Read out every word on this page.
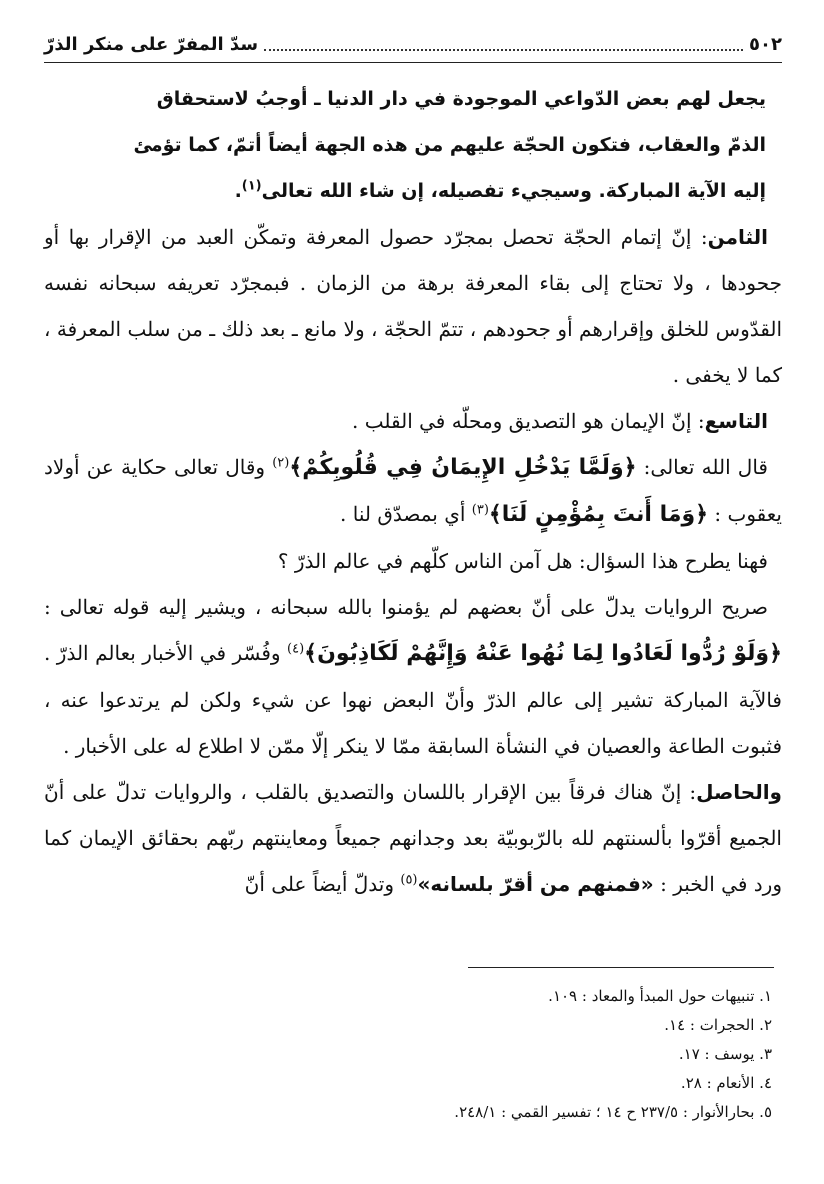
٥٠٢
سدّ المفرّ على منكر الذرّ
يجعل لهم بعض الدّواعي الموجودة في دار الدنيا ـ أوجبُ لاستحقاق
الذمّ والعقاب، فتكون الحجّة عليهم من هذه الجهة أيضاً أتمّ، كما تؤمئ
إليه الآية المباركة. وسيجيء تفصيله، إن شاء الله تعالى$^{(١)}$.

الثامن: إنّ إتمام الحجّة تحصل بمجرّد حصول المعرفة وتمكّن العبد من الإقرار بها أو جحودها ، ولا تحتاج إلى بقاء المعرفة برهة من الزمان . فبمجرّد تعريفه سبحانه نفسه القدّوس للخلق وإقرارهم أو جحودهم ، تتمّ الحجّة ، ولا مانع ـ بعد ذلك ـ من سلب المعرفة ، كما لا يخفى .

التاسع: إنّ الإيمان هو التصديق ومحلّه في القلب .

قال الله تعالى: ﴿وَلَمَّا يَدْخُلِ الإِيمَانُ فِي قُلُوبِكُمْ﴾$^{(٢)}$ وقال تعالى حكاية عن أولاد يعقوب : ﴿وَمَا أَنتَ بِمُؤْمِنٍ لَنَا﴾$^{(٣)}$ أي بمصدّق لنا .

فهنا يطرح هذا السؤال: هل آمن الناس كلّهم في عالم الذرّ ؟

صريح الروايات يدلّ على أنّ بعضهم لم يؤمنوا بالله سبحانه ، ويشير إليه قوله تعالى : ﴿وَلَوْ رُدُّوا لَعَادُوا لِمَا نُهُوا عَنْهُ وَإِنَّهُمْ لَكَاذِبُونَ﴾$^{(٤)}$ وفُسّر في الأخبار بعالم الذرّ . فالآية المباركة تشير إلى عالم الذرّ وأنّ البعض نهوا عن شيء ولكن لم يرتدعوا عنه ، فثبوت الطاعة والعصيان في النشأة السابقة ممّا لا ينكر إلّا ممّن لا اطلاع له على الأخبار .

والحاصل: إنّ هناك فرقاً بين الإقرار باللسان والتصديق بالقلب ، والروايات تدلّ على أنّ الجميع أقرّوا بألسنتهم لله بالرّبوبيّة بعد وجدانهم جميعاً ومعاينتهم ربّهم بحقائق الإيمان كما ورد في الخبر : «فمنهم من أقرّ بلسانه»$^{(٥)}$ وتدلّ أيضاً على أنّ

١. تنبيهات حول المبدأ والمعاد : ١٠٩.
٢. الحجرات : ١٤.
٣. يوسف : ١٧.
٤. الأنعام : ٢٨.
٥. بحارالأنوار : ٢٣٧/٥ ح ١٤ ؛ تفسير القمي : ٢٤٨/١.
